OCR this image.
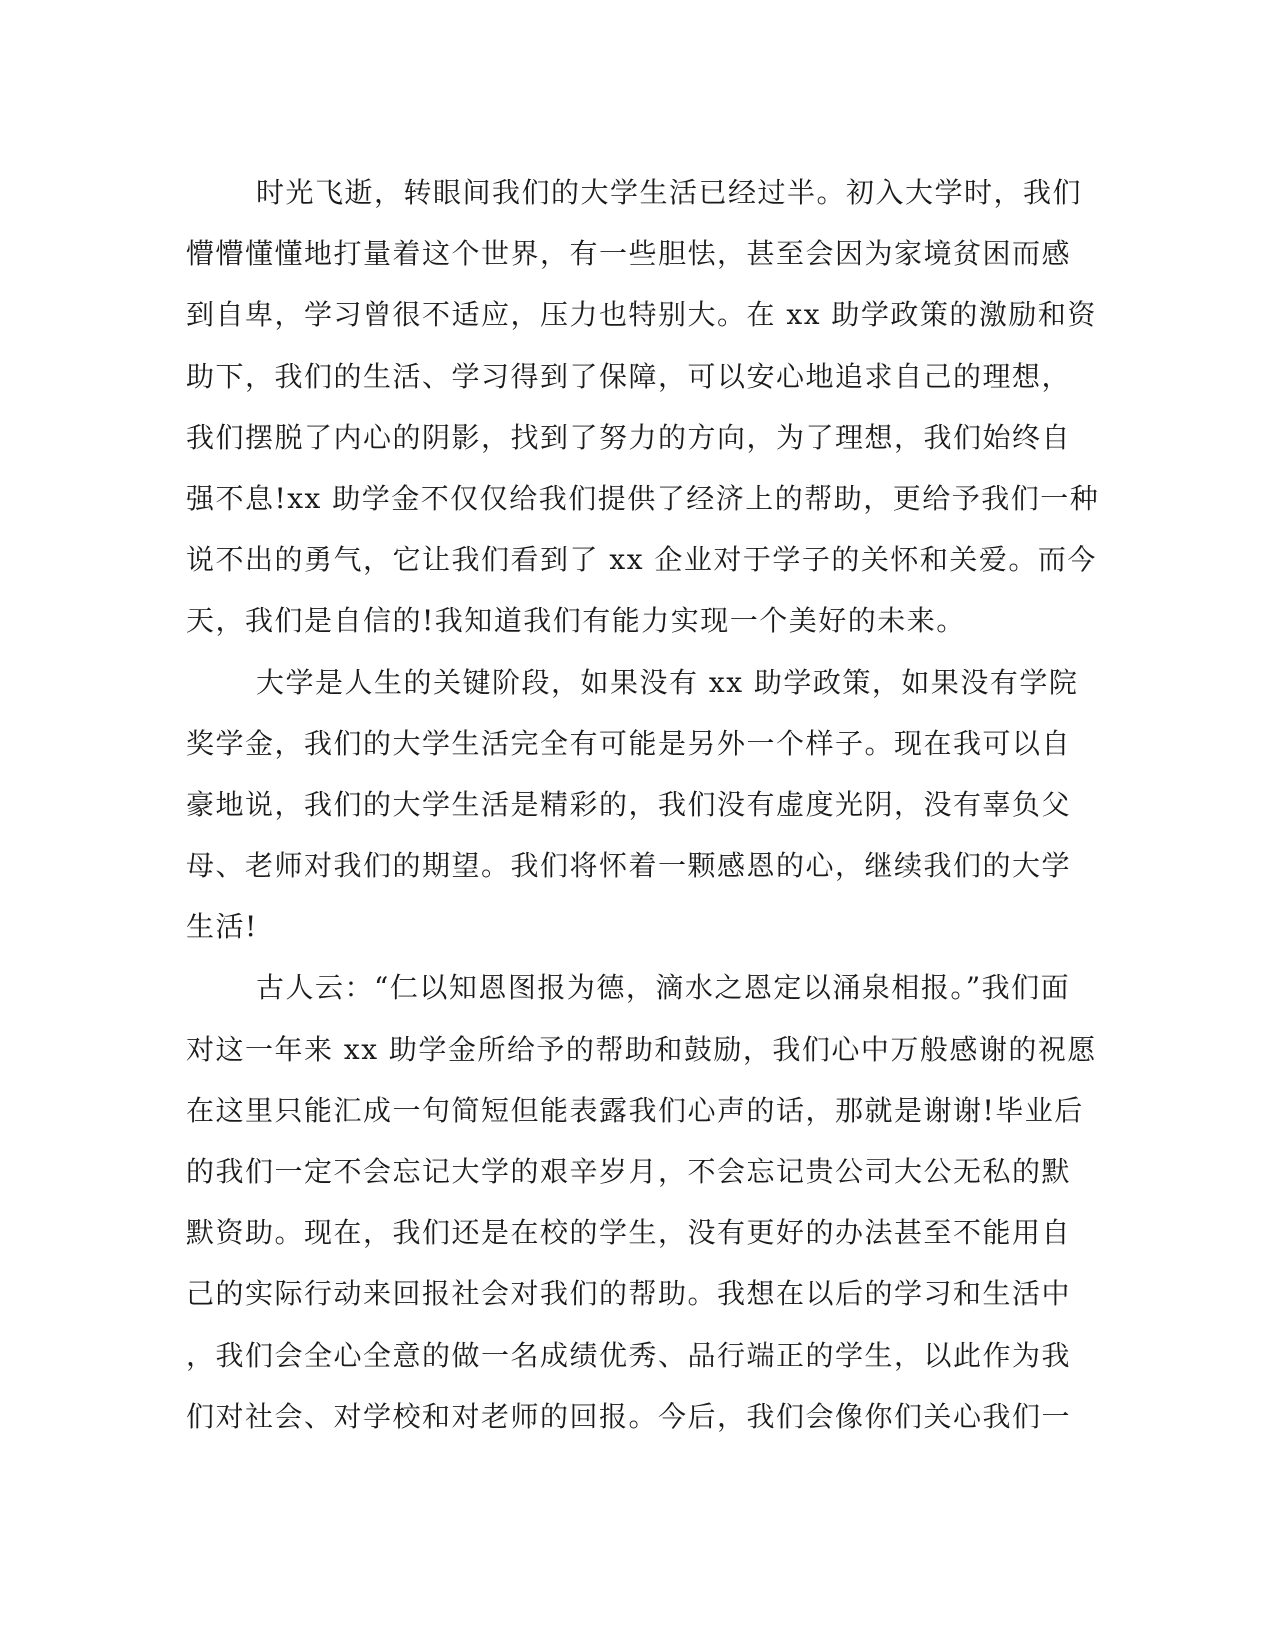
时光飞逝，转眼间我们的大学生活已经过半。初入大学时，我们
懵懵懂懂地打量着这个世界，有一些胆怯，甚至会因为家境贫困而感
到自卑，学习曾很不适应，压力也特别大。在 xx 助学政策的激励和资
助下，我们的生活、学习得到了保障，可以安心地追求自己的理想，
我们摆脱了内心的阴影，找到了努力的方向，为了理想，我们始终自
强不息!xx 助学金不仅仅给我们提供了经济上的帮助，更给予我们一种
说不出的勇气，它让我们看到了 xx 企业对于学子的关怀和关爱。而今
天，我们是自信的!我知道我们有能力实现一个美好的未来。
大学是人生的关键阶段，如果没有 xx 助学政策，如果没有学院
奖学金，我们的大学生活完全有可能是另外一个样子。现在我可以自
豪地说，我们的大学生活是精彩的，我们没有虚度光阴，没有辜负父
母、老师对我们的期望。我们将怀着一颗感恩的心，继续我们的大学
生活!
古人云：“仁以知恩图报为德，滴水之恩定以涌泉相报。”我们面
对这一年来 xx 助学金所给予的帮助和鼓励，我们心中万般感谢的祝愿
在这里只能汇成一句简短但能表露我们心声的话，那就是谢谢!毕业后
的我们一定不会忘记大学的艰辛岁月，不会忘记贵公司大公无私的默
默资助。现在，我们还是在校的学生，没有更好的办法甚至不能用自
己的实际行动来回报社会对我们的帮助。我想在以后的学习和生活中
，我们会全心全意的做一名成绩优秀、品行端正的学生，以此作为我
们对社会、对学校和对老师的回报。今后，我们会像你们关心我们一
